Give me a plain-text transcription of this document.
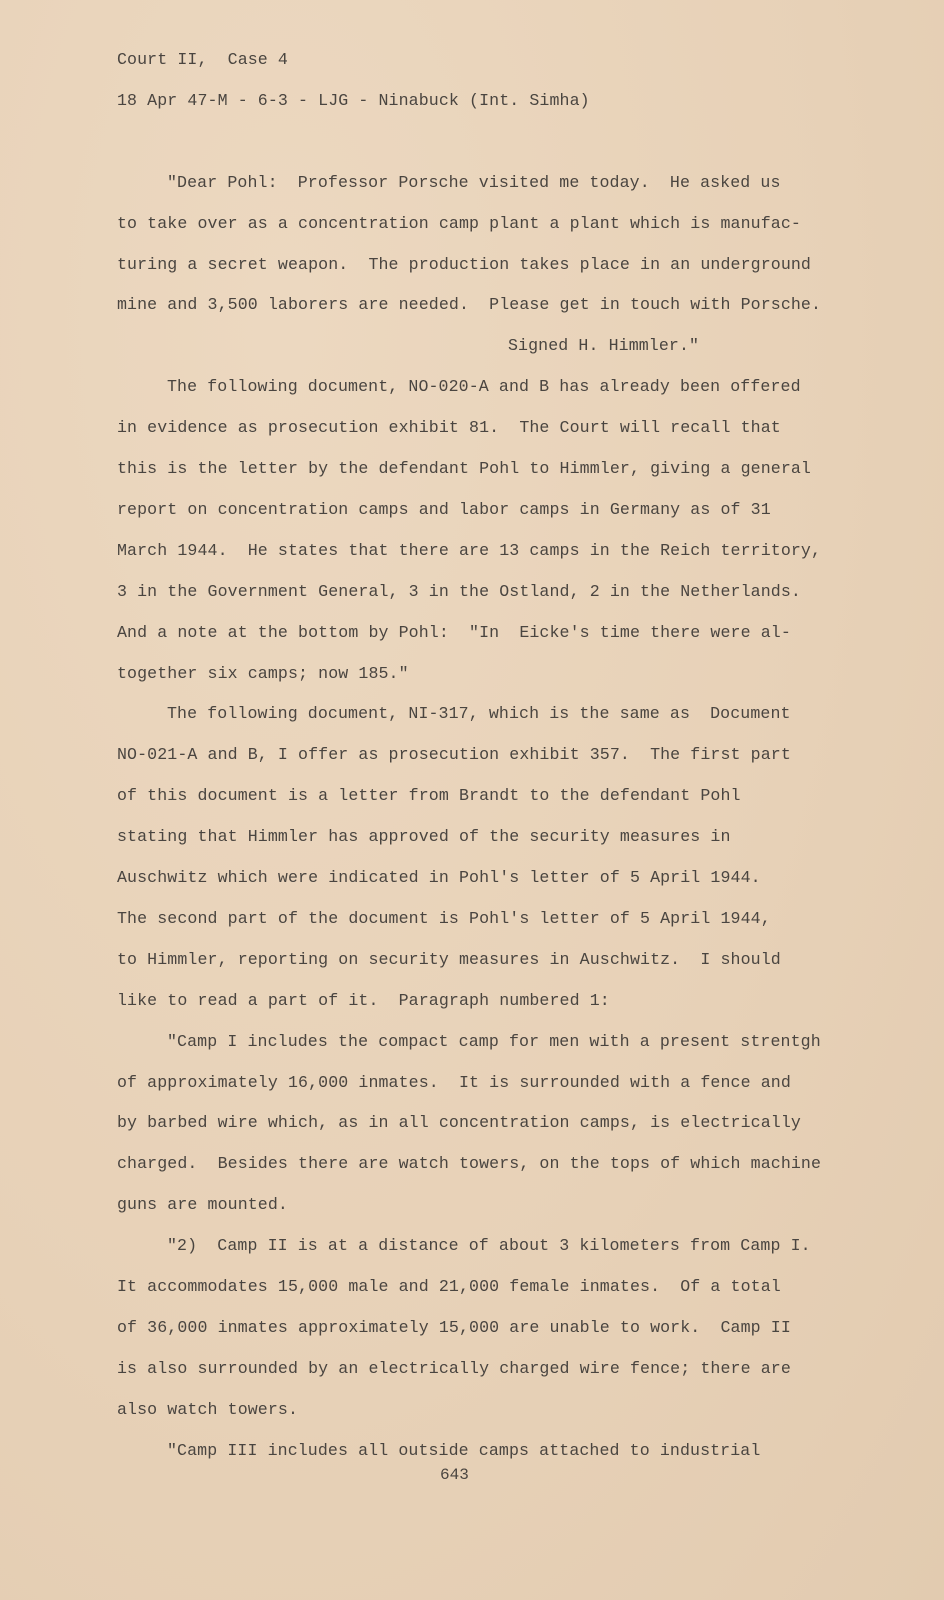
Court II,  Case 4
18 Apr 47-M - 6-3 - LJG - Ninabuck (Int. Simha)
"Dear Pohl:  Professor Porsche visited me today.  He asked us
to take over as a concentration camp plant a plant which is manufac-
turing a secret weapon.  The production takes place in an underground
mine and 3,500 laborers are needed.  Please get in touch with Porsche.
Signed H. Himmler."
The following document, NO-020-A and B has already been offered
in evidence as prosecution exhibit 81.  The Court will recall that
this is the letter by the defendant Pohl to Himmler, giving a general
report on concentration camps and labor camps in Germany as of 31
March 1944.  He states that there are 13 camps in the Reich territory,
3 in the Government General, 3 in the Ostland, 2 in the Netherlands.
And a note at the bottom by Pohl:  "In  Eicke's time there were al-
together six camps; now 185."
The following document, NI-317, which is the same as  Document
NO-021-A and B, I offer as prosecution exhibit 357.  The first part
of this document is a letter from Brandt to the defendant Pohl
stating that Himmler has approved of the security measures in
Auschwitz which were indicated in Pohl's letter of 5 April 1944.
The second part of the document is Pohl's letter of 5 April 1944,
to Himmler, reporting on security measures in Auschwitz.  I should
like to read a part of it.  Paragraph numbered 1:
"Camp I includes the compact camp for men with a present strentgh
of approximately 16,000 inmates.  It is surrounded with a fence and
by barbed wire which, as in all concentration camps, is electrically
charged.  Besides there are watch towers, on the tops of which machine
guns are mounted.
"2)  Camp II is at a distance of about 3 kilometers from Camp I.
It accommodates 15,000 male and 21,000 female inmates.  Of a total
of 36,000 inmates approximately 15,000 are unable to work.  Camp II
is also surrounded by an electrically charged wire fence; there are
also watch towers.
"Camp III includes all outside camps attached to industrial
643
